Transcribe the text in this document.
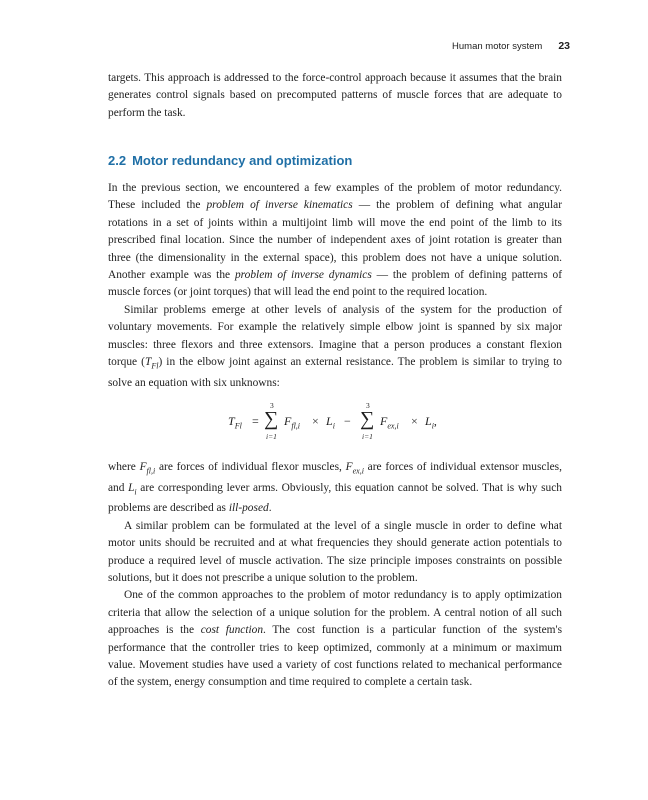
Human motor system 23

targets. This approach is addressed to the force-control approach because it assumes that the brain generates control signals based on precomputed patterns of muscle forces that are adequate to perform the task.

2.2 Motor redundancy and optimization

In the previous section, we encountered a few examples of the problem of motor redundancy. These included the problem of inverse kinematics — the problem of defining what angular rotations in a set of joints within a multijoint limb will move the end point of the limb to its prescribed final location. Since the number of independent axes of joint rotation is greater than three (the dimensionality in the external space), this problem does not have a unique solution. Another example was the problem of inverse dynamics — the problem of defining patterns of muscle forces (or joint torques) that will lead the end point to the required location.

Similar problems emerge at other levels of analysis of the system for the production of voluntary movements. For example the relatively simple elbow joint is spanned by six major muscles: three flexors and three extensors. Imagine that a person produces a constant flexion torque $(T_{Fl})$ in the elbow joint against an external resistance. The problem is similar to trying to solve an equation with six unknowns:

$T_{Fl}$ =
3
∑
i=1
$F_{fl,i} \times L_i$ −
3
∑
i=1
$F_{ex,i} \times L_i$,

where $F_{fl,i}$ are forces of individual flexor muscles, $F_{ex,i}$ are forces of individual extensor muscles, and $L_i$ are corresponding lever arms. Obviously, this equation cannot be solved. That is why such problems are described as ill-posed.

A similar problem can be formulated at the level of a single muscle in order to define what motor units should be recruited and at what frequencies they should generate action potentials to produce a required level of muscle activation. The size principle imposes constraints on possible solutions, but it does not prescribe a unique solution to the problem.

One of the common approaches to the problem of motor redundancy is to apply optimization criteria that allow the selection of a unique solution for the problem. A central notion of all such approaches is the cost function. The cost function is a particular function of the system's performance that the controller tries to keep optimized, commonly at a minimum or maximum value. Movement studies have used a variety of cost functions related to mechanical performance of the system, energy consumption and time required to complete a certain task.
